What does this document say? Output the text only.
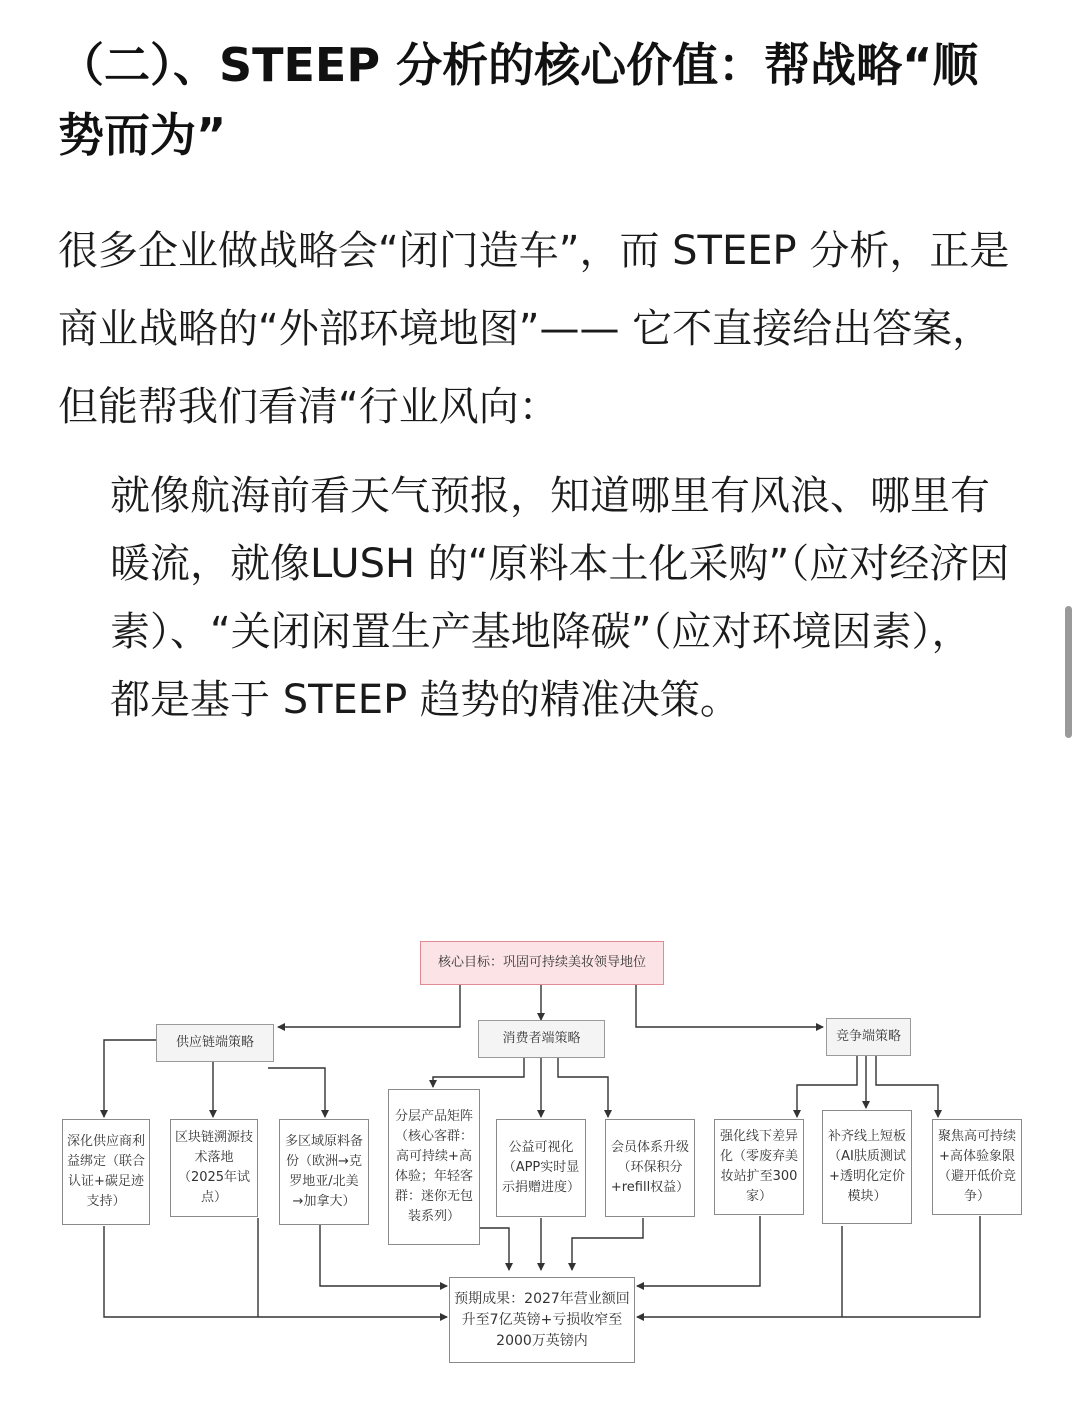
（二）、STEEP 分析的核心价值：帮战略“顺势而为”
很多企业做战略会“闭门造车”，而 STEEP 分析，正是商业战略的“外部环境地图”—— 它不直接给出答案，但能帮我们看清“行业风向：
就像航海前看天气预报，知道哪里有风浪、哪里有暖流，就像LUSH 的“原料本土化采购”（应对经济因素）、“关闭闲置生产基地降碳”（应对环境因素），都是基于 STEEP 趋势的精准决策。
核心目标：巩固可持续美妆领导地位
供应链端策略	消费者端策略	竞争端策略
深化供应商利益绑定（联合认证+碳足迹支持）
区块链溯源技术落地（2025年试点）
多区域原料备份（欧洲→克罗地亚/北美→加拿大）
分层产品矩阵（核心客群：高可持续+高体验；年轻客群：迷你无包装系列）
公益可视化（APP实时显示捐赠进度）
会员体系升级（环保积分+refill权益）
强化线下差异化（零废弃美妆站扩至300家）
补齐线上短板（AI肤质测试+透明化定价模块）
聚焦高可持续+高体验象限（避开低价竞争）
预期成果：2027年营业额回升至7亿英镑+亏损收窄至2000万英镑内
